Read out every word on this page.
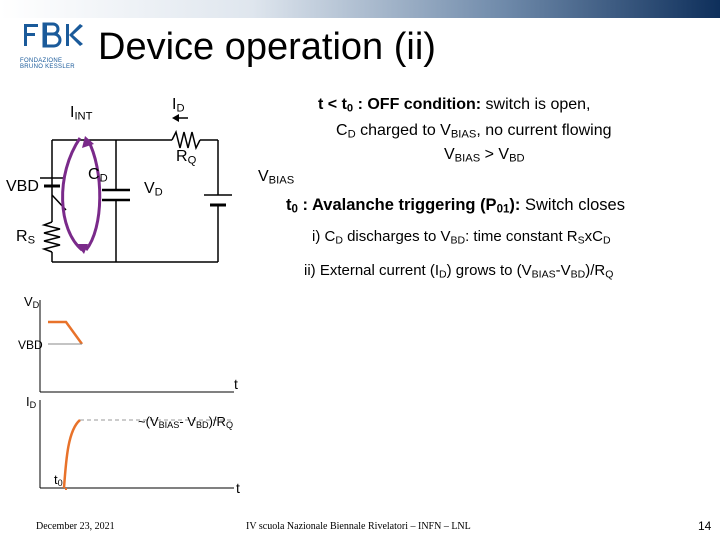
FONDAZIONE
BRUNO KESSLER Device operation (ii)
$I_{INT}$
$I_D$
$R_Q$
$C_D$
VBD	$V_D$
$V_{BIAS}$
$R_S$
$t < t_0$ : OFF condition: switch is open,
$C_D$ charged to $V_{BIAS}$, no current flowing
$V_{BIAS} > V_{BD}$
$t_0$ : Avalanche triggering $(P_{01})$: Switch closes
i) $C_D$ discharges to $V_{BD}$: time constant $R_SxC_D$
ii) External current $(I_D)$ grows to $(V_{BIAS}-V_{BD})/R_Q$
$V_D$
VBD
t
$I_D$
$\sim(V_{BIAS}-$ $V_{BD})/R_Q$
$t_0$	t
December 23, 2021	IV scuola Nazionale Biennale Rivelatori – INFN – LNL	14
